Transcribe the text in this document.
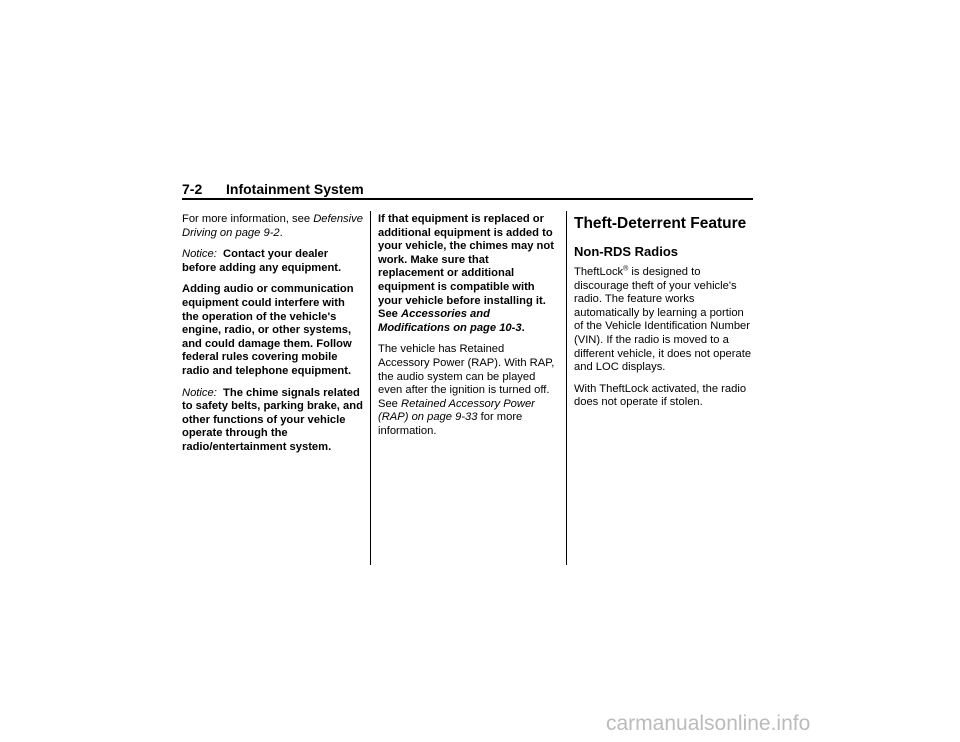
7-2 Infotainment System

For more information, see Defensive Driving on page 9-2.

Notice: Contact your dealer before adding any equipment.

Adding audio or communication equipment could interfere with the operation of the vehicle's engine, radio, or other systems, and could damage them. Follow federal rules covering mobile radio and telephone equipment.

Notice: The chime signals related to safety belts, parking brake, and other functions of your vehicle operate through the radio/entertainment system.

If that equipment is replaced or additional equipment is added to your vehicle, the chimes may not work. Make sure that replacement or additional equipment is compatible with your vehicle before installing it. See Accessories and Modifications on page 10-3.

The vehicle has Retained Accessory Power (RAP). With RAP, the audio system can be played even after the ignition is turned off. See Retained Accessory Power (RAP) on page 9-33 for more information.

Theft-Deterrent Feature
Non-RDS Radios

TheftLock® is designed to discourage theft of your vehicle's radio. The feature works automatically by learning a portion of the Vehicle Identification Number (VIN). If the radio is moved to a different vehicle, it does not operate and LOC displays.

With TheftLock activated, the radio does not operate if stolen.

carmanualsonline.info
